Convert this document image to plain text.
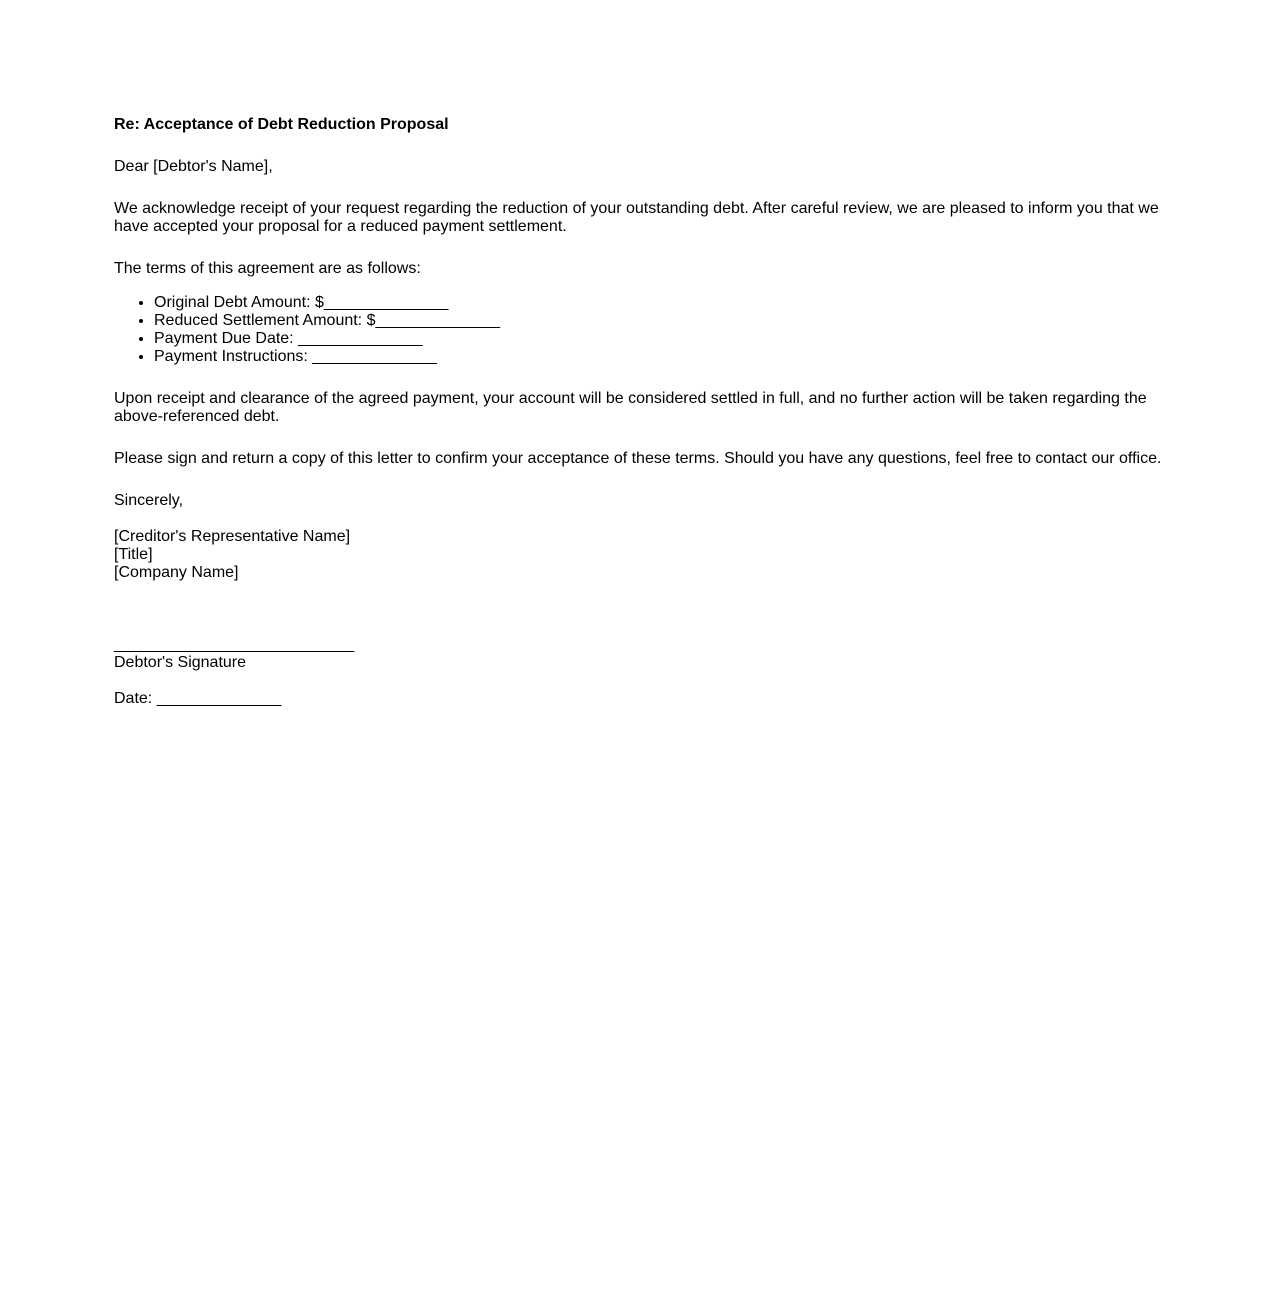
Re: Acceptance of Debt Reduction Proposal

Dear [Debtor's Name],

We acknowledge receipt of your request regarding the reduction of your outstanding debt. After careful review, we are pleased to inform you that we have accepted your proposal for a reduced payment settlement.

The terms of this agreement are as follows:

• Original Debt Amount: $______________
• Reduced Settlement Amount: $______________
• Payment Due Date: ______________
• Payment Instructions: ______________

Upon receipt and clearance of the agreed payment, your account will be considered settled in full, and no further action will be taken regarding the above-referenced debt.

Please sign and return a copy of this letter to confirm your acceptance of these terms. Should you have any questions, feel free to contact our office.

Sincerely,

[Creditor's Representative Name]
[Title]
[Company Name]
___________________________
Debtor's Signature
Date: ______________
